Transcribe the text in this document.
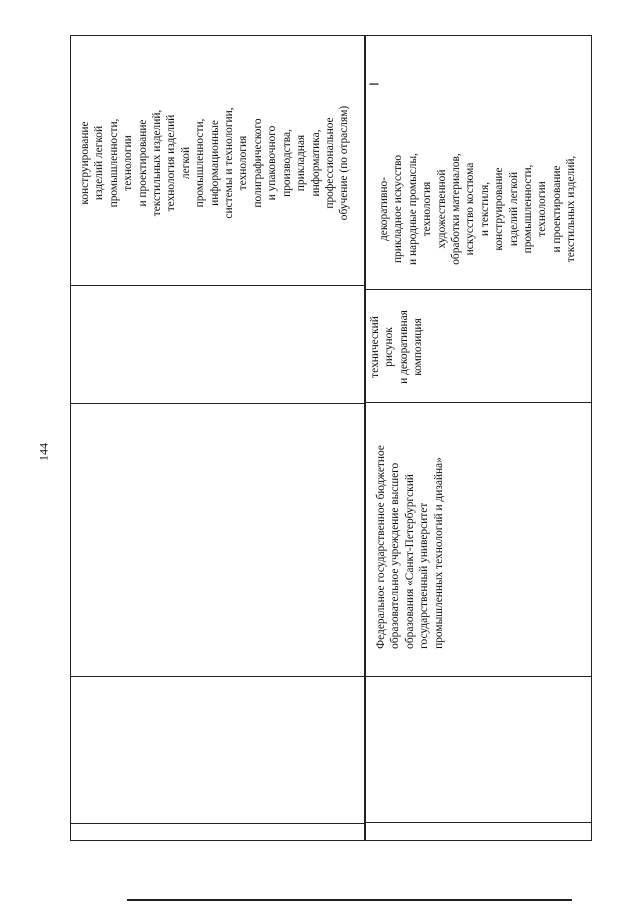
144
I
конструирование изделий легкой промышленности, технологии и проектирование текстильных изделий, технология изделий легкой промышленности, информационные системы и технологии, технология полиграфического и упаковочного производства, прикладная информатика, профессиональное обучение (по отраслям)
Федеральное государственное бюджетное образовательное учреждение высшего образования «Санкт-Петербургский государственный университет промышленных технологий и дизайна»
технический рисунок и декоративная композиция
декоративно- прикладное искусство и народные промыслы, технология художественной обработки материалов, искусство костюма и текстиля, конструирование изделий легкой промышленности, технологии и проектирование текстильных изделий,
